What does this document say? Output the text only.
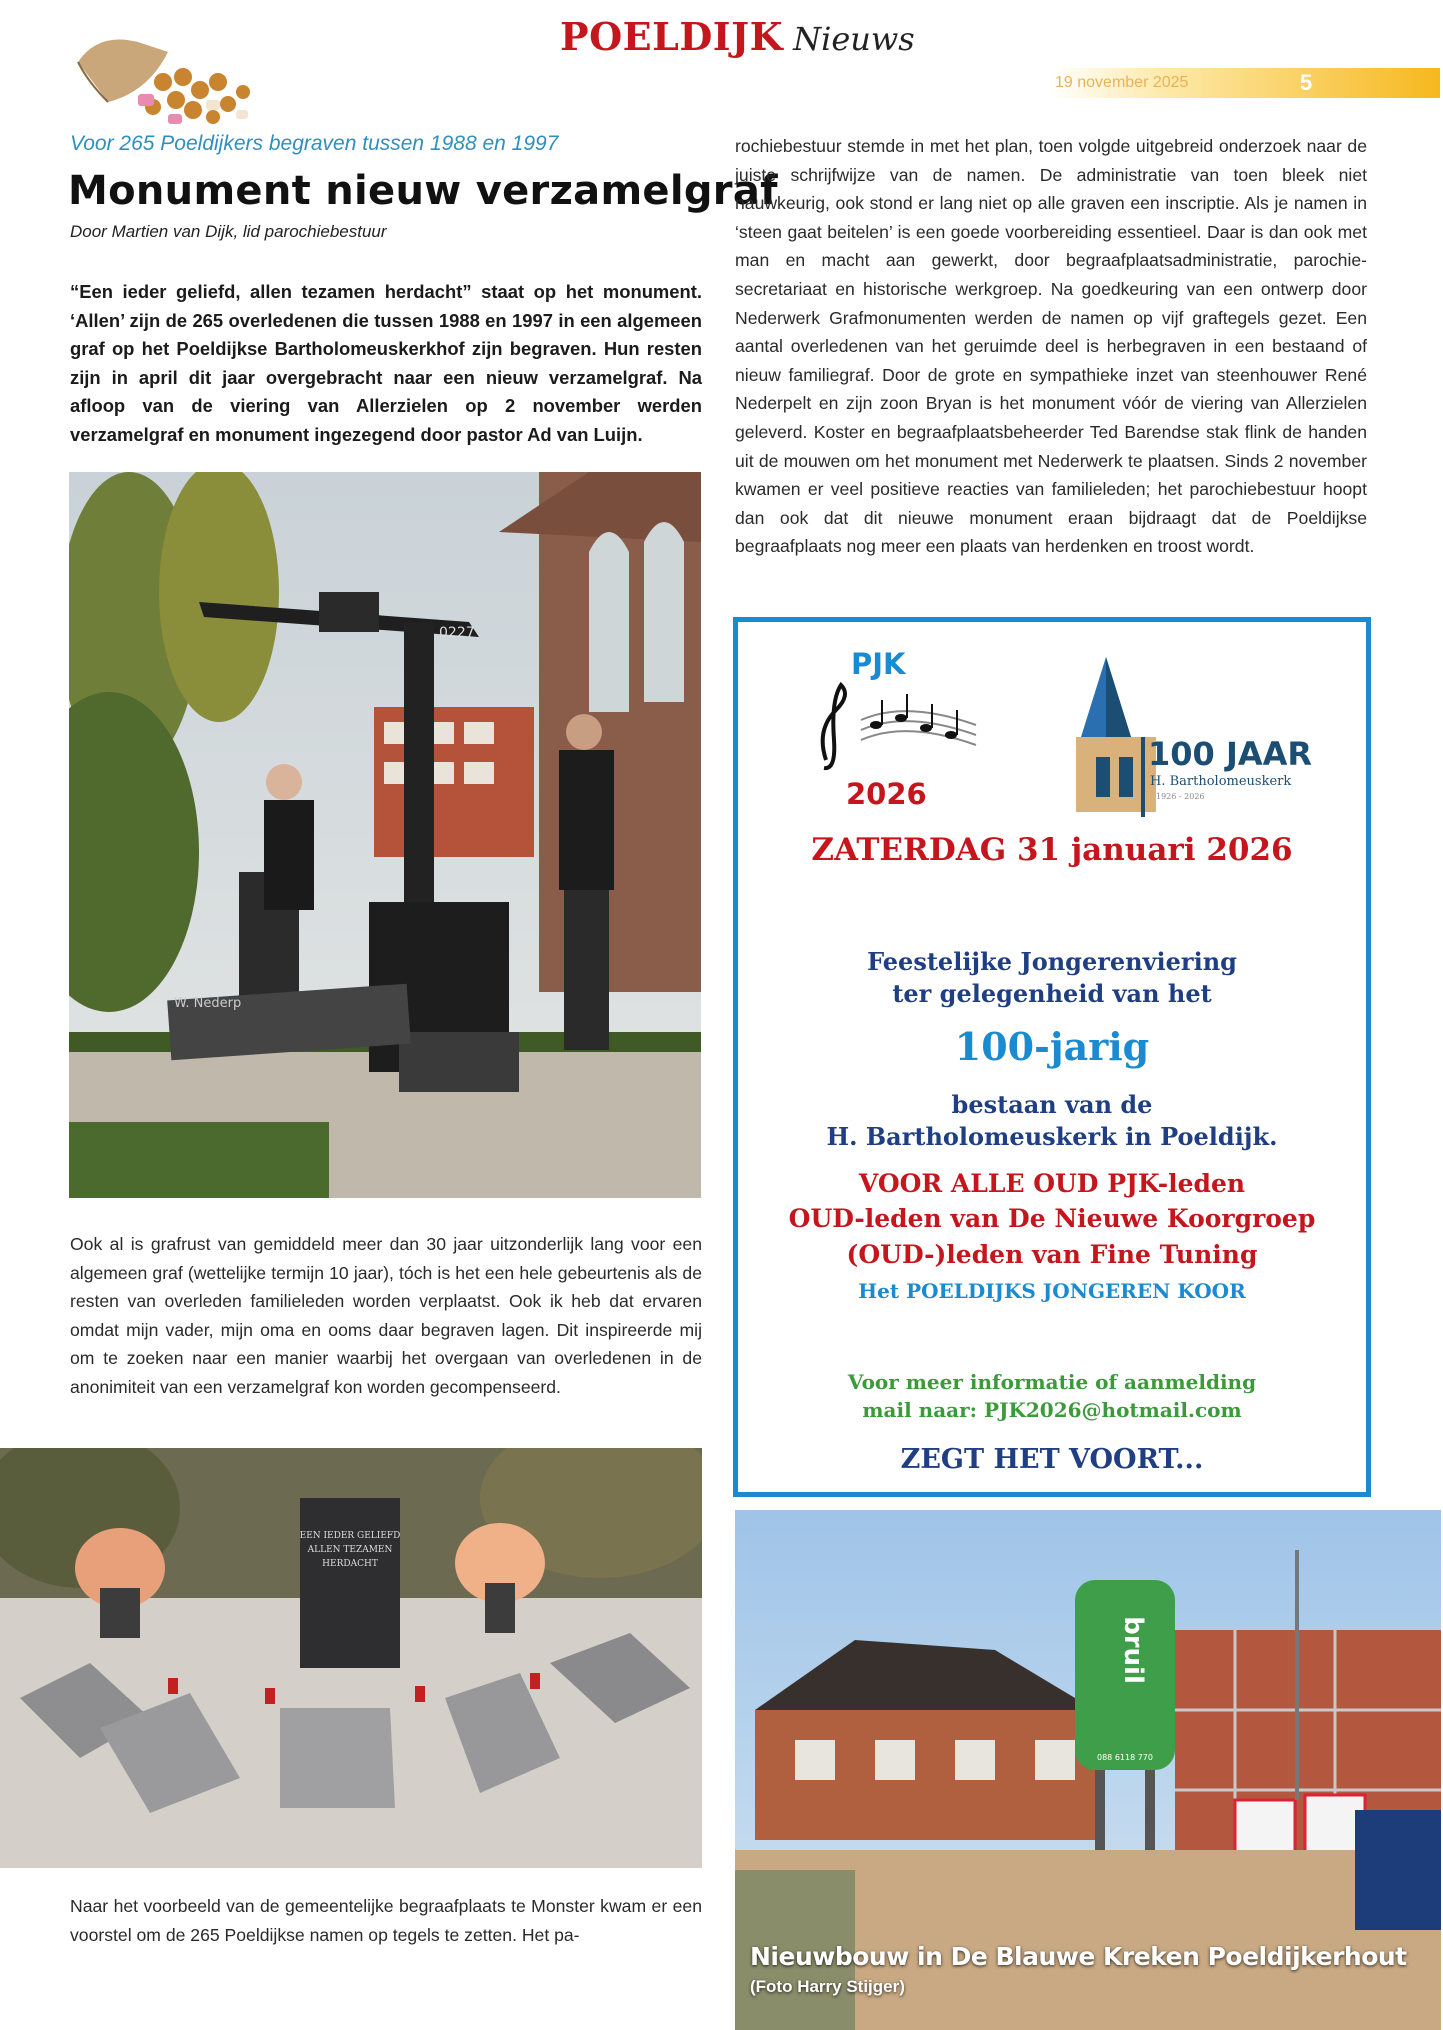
POELDIJK Nieuws
19 november 2025	5
Voor 265 Poeldijkers begraven tussen 1988 en 1997
Monument nieuw verzamelgraf
Door Martien van Dijk, lid parochiebestuur

“Een ieder geliefd, allen tezamen herdacht” staat op het monument. ‘Allen’ zijn de 265 overledenen die tussen 1988 en 1997 in een algemeen graf op het Poeldijkse Bartholomeuskerkhof zijn begraven. Hun resten zijn in april dit jaar overgebracht naar een nieuw verzamelgraf. Na afloop van de viering van Allerzielen op 2 november werden verzamelgraf en monument ingezegend door pastor Ad van Luijn.

0227
W. Nederp

Ook al is grafrust van gemiddeld meer dan 30 jaar uitzonderlijk lang voor een algemeen graf (wettelijke termijn 10 jaar), tóch is het een hele gebeurtenis als de resten van overleden familieleden worden verplaatst. Ook ik heb dat ervaren omdat mijn vader, mijn oma en ooms daar begraven lagen. Dit inspireerde mij om te zoeken naar een manier waarbij het overgaan van overledenen in de anonimiteit van een verzamelgraf kon worden gecompenseerd.

EEN IEDER GELIEFD
ALLEN TEZAMEN
HERDACHT

Naar het voorbeeld van de gemeentelijke begraafplaats te Monster kwam er een voorstel om de 265 Poeldijkse namen op tegels te zetten. Het pa-

rochiebestuur stemde in met het plan, toen volgde uitgebreid onderzoek naar de juiste schrijfwijze van de namen. De administratie van toen bleek niet nauwkeurig, ook stond er lang niet op alle graven een inscriptie. Als je namen in ‘steen gaat beitelen’ is een goede voorbereiding essentieel. Daar is dan ook met man en macht aan gewerkt, door begraafplaatsadministratie, parochie-secretariaat en historische werkgroep. Na goedkeuring van een ontwerp door Nederwerk Grafmonumenten werden de namen op vijf graftegels gezet. Een aantal overledenen van het geruimde deel is herbegraven in een bestaand of nieuw familiegraf. Door de grote en sympathieke inzet van steenhouwer René Nederpelt en zijn zoon Bryan is het monument vóór de viering van Allerzielen geleverd. Koster en begraafplaatsbeheerder Ted Barendse stak flink de handen uit de mouwen om het monument met Nederwerk te plaatsen. Sinds 2 november kwamen er veel positieve reacties van familieleden; het parochiebestuur hoopt dan ook dat dit nieuwe monument eraan bijdraagt dat de Poeldijkse begraafplaats nog meer een plaats van herdenken en troost wordt.

PJK
2026
100 JAAR
H. Bartholomeuskerk
1926 - 2026
ZATERDAG 31 januari 2026
Feestelijke Jongerenviering
ter gelegenheid van het
100-jarig
bestaan van de
H. Bartholomeuskerk in Poeldijk.
VOOR ALLE OUD PJK-leden
OUD-leden van De Nieuwe Koorgroep
(OUD-)leden van Fine Tuning
Het POELDIJKS JONGEREN KOOR
Voor meer informatie of aanmelding
mail naar: PJK2026@hotmail.com
ZEGT HET VOORT...
bruil
088 6118 770
Nieuwbouw in De Blauwe Kreken Poeldijkerhout
(Foto Harry Stijger)
